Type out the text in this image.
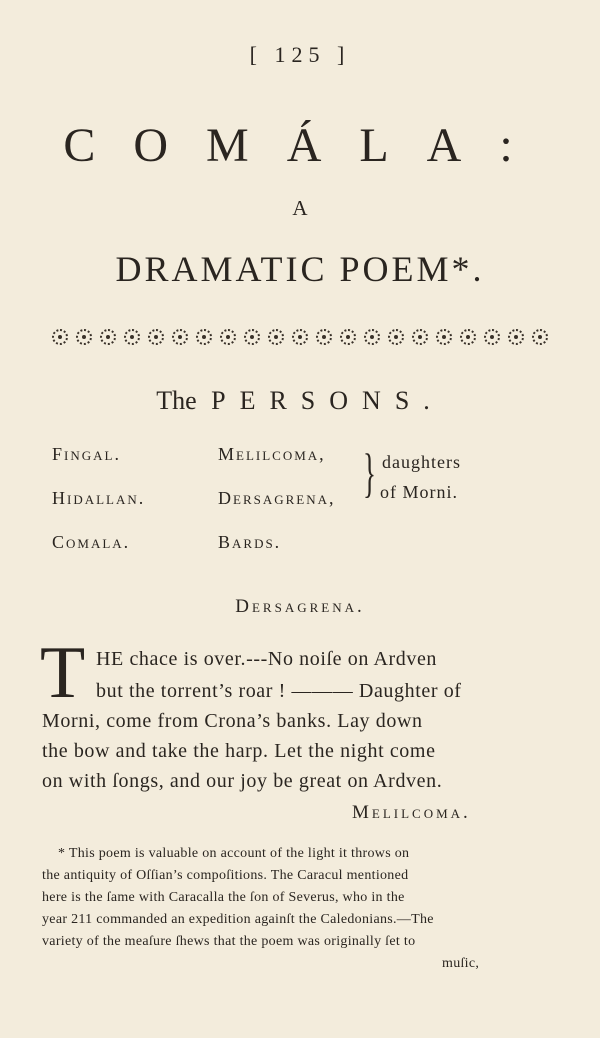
[ 125 ]
COMÁLA:
A
DRAMATIC POEM*.
The PERSONS.
Fingal.
Hidallan.
Comala.
Melilcoma,
Dersagrena,
Bards.
} daughters
of Morni.
Dersagrena.
T HE chace is over.---No noiſe on Ardven
but the torrent’s roar ! ——— Daughter of
Morni, come from Crona’s banks. Lay down
the bow and take the harp. Let the night come
on with ſongs, and our joy be great on Ardven.
Melilcoma.
* This poem is valuable on account of the light it throws on
the antiquity of Oſſian’s compoſitions. The Caracul mentioned
here is the ſame with Caracalla the ſon of Severus, who in the
year 211 commanded an expedition againſt the Caledonians.—The
variety of the meaſure ſhews that the poem was originally ſet to
muſic,
